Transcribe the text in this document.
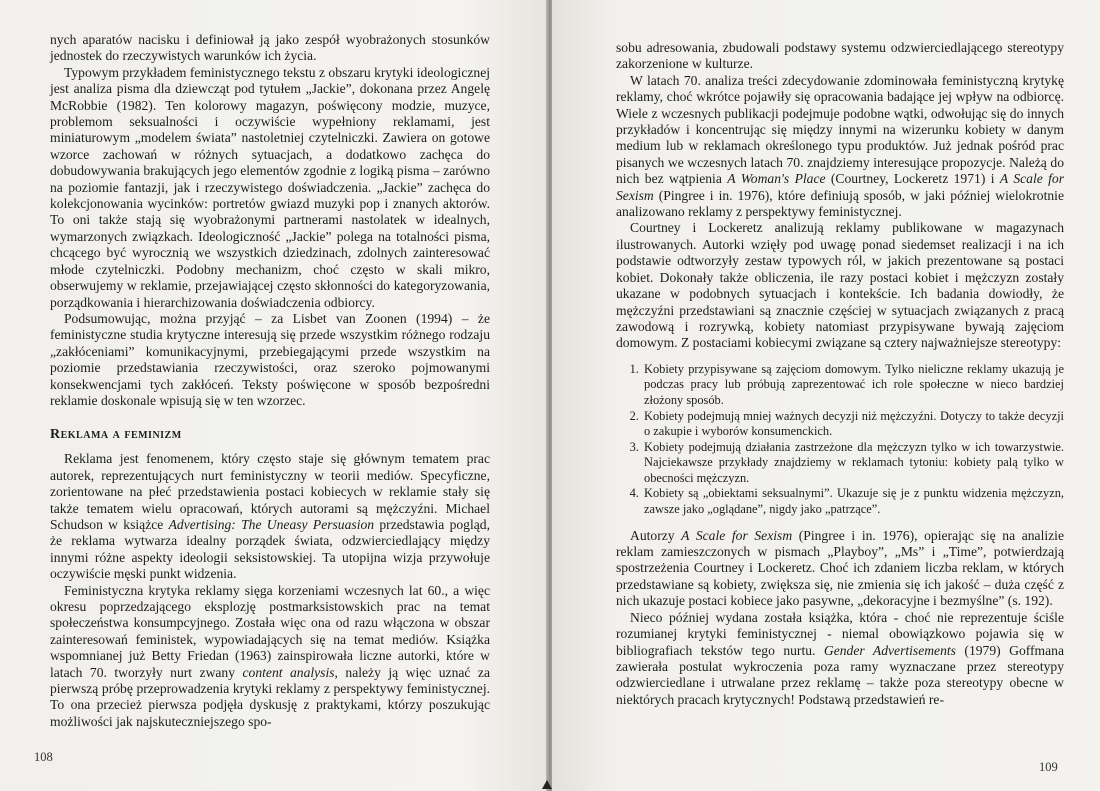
nych aparatów nacisku i definiował ją jako zespół wyobrażonych stosunków jednostek do rzeczywistych warunków ich życia.

Typowym przykładem feministycznego tekstu z obszaru krytyki ideologicznej jest analiza pisma dla dziewcząt pod tytułem „Jackie”, dokonana przez Angelę McRobbie (1982). Ten kolorowy magazyn, poświęcony modzie, muzyce, problemom seksualności i oczywiście wypełniony reklamami, jest miniaturowym „modelem świata” nastoletniej czytelniczki. Zawiera on gotowe wzorce zachowań w różnych sytuacjach, a dodatkowo zachęca do dobudowywania brakujących jego elementów zgodnie z logiką pisma – zarówno na poziomie fantazji, jak i rzeczywistego doświadczenia. „Jackie” zachęca do kolekcjonowania wycinków: portretów gwiazd muzyki pop i znanych aktorów. To oni także stają się wyobrażonymi partnerami nastolatek w idealnych, wymarzonych związkach. Ideologiczność „Jackie” polega na totalności pisma, chcącego być wyrocznią we wszystkich dziedzinach, zdolnych zainteresować młode czytelniczki. Podobny mechanizm, choć często w skali mikro, obserwujemy w reklamie, przejawiającej często skłonności do kategoryzowania, porządkowania i hierarchizowania doświadczenia odbiorcy.

Podsumowując, można przyjąć – za Lisbet van Zoonen (1994) – że feministyczne studia krytyczne interesują się przede wszystkim różnego rodzaju „zakłóceniami” komunikacyjnymi, przebiegającymi przede wszystkim na poziomie przedstawiania rzeczywistości, oraz szeroko pojmowanymi konsekwencjami tych zakłóceń. Teksty poświęcone w sposób bezpośredni reklamie doskonale wpisują się w ten wzorzec.

Reklama a feminizm

Reklama jest fenomenem, który często staje się głównym tematem prac autorek, reprezentujących nurt feministyczny w teorii mediów. Specyficzne, zorientowane na płeć przedstawienia postaci kobiecych w reklamie stały się także tematem wielu opracowań, których autorami są mężczyźni. Michael Schudson w książce Advertising: The Uneasy Persuasion przedstawia pogląd, że reklama wytwarza idealny porządek świata, odzwierciedlający między innymi różne aspekty ideologii seksistowskiej. Ta utopijna wizja przywołuje oczywiście męski punkt widzenia.

Feministyczna krytyka reklamy sięga korzeniami wczesnych lat 60., a więc okresu poprzedzającego eksplozję postmarksistowskich prac na temat społeczeństwa konsumpcyjnego. Została więc ona od razu włączona w obszar zainteresowań feministek, wypowiadających się na temat mediów. Książka wspomnianej już Betty Friedan (1963) zainspirowała liczne autorki, które w latach 70. tworzyły nurt zwany content analysis, należy ją więc uznać za pierwszą próbę przeprowadzenia krytyki reklamy z perspektywy feministycznej. To ona przecież pierwsza podjęła dyskusję z praktykami, którzy poszukując możliwości jak najskuteczniejszego spo-

108

sobu adresowania, zbudowali podstawy systemu odzwierciedlającego stereotypy zakorzenione w kulturze.

W latach 70. analiza treści zdecydowanie zdominowała feministyczną krytykę reklamy, choć wkrótce pojawiły się opracowania badające jej wpływ na odbiorcę. Wiele z wczesnych publikacji podejmuje podobne wątki, odwołując się do innych przykładów i koncentrując się między innymi na wizerunku kobiety w danym medium lub w reklamach określonego typu produktów. Już jednak pośród prac pisanych we wczesnych latach 70. znajdziemy interesujące propozycje. Należą do nich bez wątpienia A Woman's Place (Courtney, Lockeretz 1971) i A Scale for Sexism (Pingree i in. 1976), które definiują sposób, w jaki później wielokrotnie analizowano reklamy z perspektywy feministycznej.

Courtney i Lockeretz analizują reklamy publikowane w magazynach ilustrowanych. Autorki wzięły pod uwagę ponad siedemset realizacji i na ich podstawie odtworzyły zestaw typowych ról, w jakich prezentowane są postaci kobiet. Dokonały także obliczenia, ile razy postaci kobiet i mężczyzn zostały ukazane w podobnych sytuacjach i kontekście. Ich badania dowiodły, że mężczyźni przedstawiani są znacznie częściej w sytuacjach związanych z pracą zawodową i rozrywką, kobiety natomiast przypisywane bywają zajęciom domowym. Z postaciami kobiecymi związane są cztery najważniejsze stereotypy:

1. Kobiety przypisywane są zajęciom domowym. Tylko nieliczne reklamy ukazują je podczas pracy lub próbują zaprezentować ich role społeczne w nieco bardziej złożony sposób.
2. Kobiety podejmują mniej ważnych decyzji niż mężczyźni. Dotyczy to także decyzji o zakupie i wyborów konsumenckich.
3. Kobiety podejmują działania zastrzeżone dla mężczyzn tylko w ich towarzystwie. Najciekawsze przykłady znajdziemy w reklamach tytoniu: kobiety palą tylko w obecności mężczyzn.
4. Kobiety są „obiektami seksualnymi”. Ukazuje się je z punktu widzenia mężczyzn, zawsze jako „oglądane”, nigdy jako „patrzące”.

Autorzy A Scale for Sexism (Pingree i in. 1976), opierając się na analizie reklam zamieszczonych w pismach „Playboy”, „Ms” i „Time”, potwierdzają spostrzeżenia Courtney i Lockeretz. Choć ich zdaniem liczba reklam, w których przedstawiane są kobiety, zwiększa się, nie zmienia się ich jakość – duża część z nich ukazuje postaci kobiece jako pasywne, „dekoracyjne i bezmyślne” (s. 192).

Nieco później wydana została książka, która - choć nie reprezentuje ściśle rozumianej krytyki feministycznej - niemal obowiązkowo pojawia się w bibliografiach tekstów tego nurtu. Gender Advertisements (1979) Goffmana zawierała postulat wykroczenia poza ramy wyznaczane przez stereotypy odzwierciedlane i utrwalane przez reklamę – także poza stereotypy obecne w niektórych pracach krytycznych! Podstawą przedstawień re-

109
